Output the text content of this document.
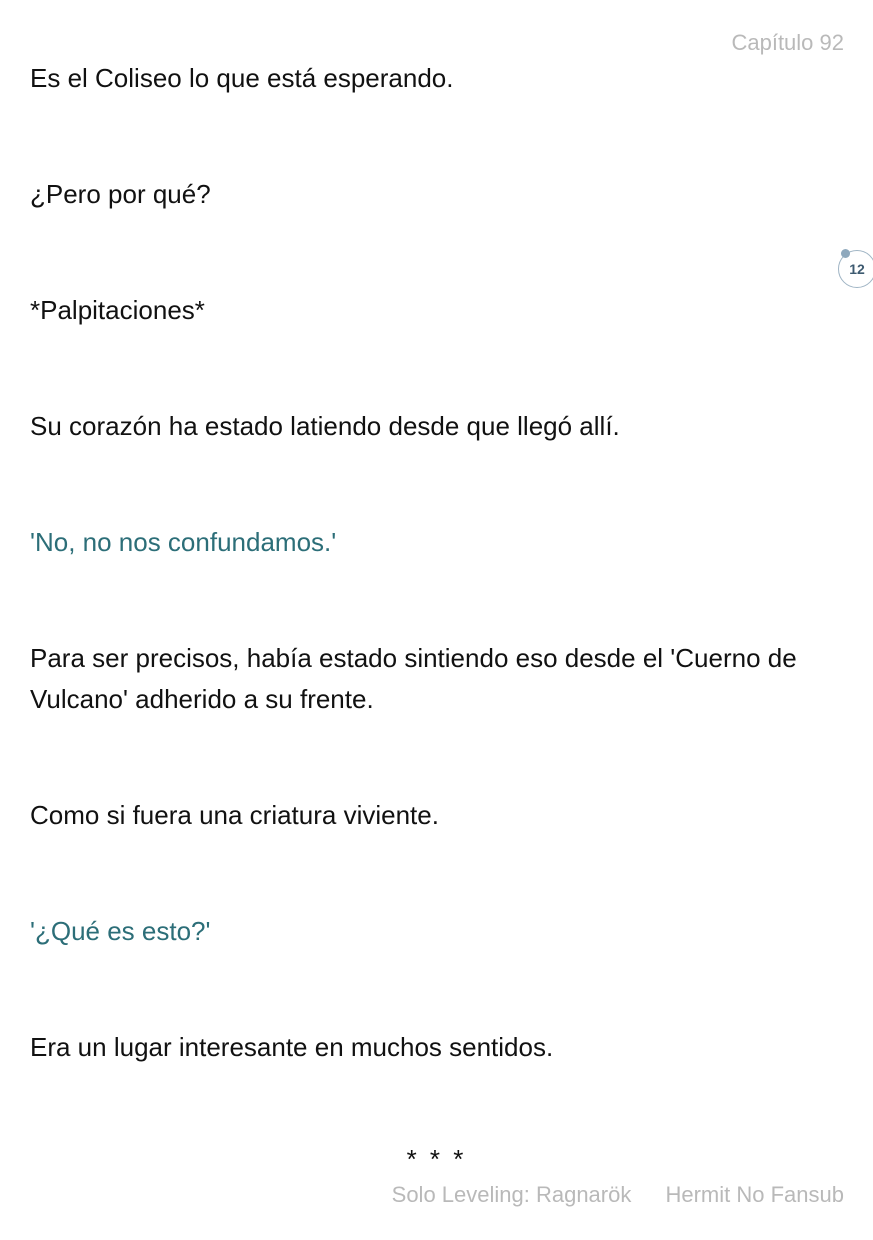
Capítulo 92
12

Es el Coliseo lo que está esperando.

¿Pero por qué?

*Palpitaciones*

Su corazón ha estado latiendo desde que llegó allí.

'No, no nos confundamos.'

Para ser precisos, había estado sintiendo eso desde el 'Cuerno de Vulcano' adherido a su frente.

Como si fuera una criatura viviente.

'¿Qué es esto?'

Era un lugar interesante en muchos sentidos.

* * *
Solo Leveling: Ragnarök Hermit No Fansub
